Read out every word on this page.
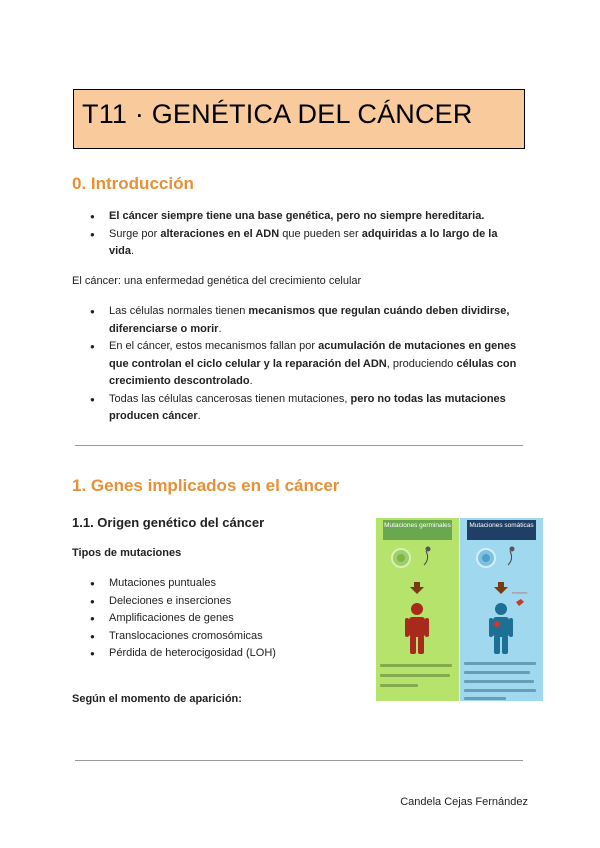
T11 · GENÉTICA DEL CÁNCER
0. Introducción
● El cáncer siempre tiene una base genética, pero no siempre hereditaria.
● Surge por alteraciones en el ADN que pueden ser adquiridas a lo largo de la vida.
El cáncer: una enfermedad genética del crecimiento celular
● Las células normales tienen mecanismos que regulan cuándo deben dividirse, diferenciarse o morir.
● En el cáncer, estos mecanismos fallan por acumulación de mutaciones en genes que controlan el ciclo celular y la reparación del ADN, produciendo células con crecimiento descontrolado.
● Todas las células cancerosas tienen mutaciones, pero no todas las mutaciones producen cáncer.
1. Genes implicados en el cáncer
1.1. Origen genético del cáncer
Tipos de mutaciones
● Mutaciones puntuales
● Deleciones e inserciones
● Amplificaciones de genes
● Translocaciones cromosómicas
● Pérdida de heterocigosidad (LOH)
Según el momento de aparición:
Mutaciones germinales	Mutaciones somáticas
≈≈≈≈≈≈≈
Candela Cejas Fernández
